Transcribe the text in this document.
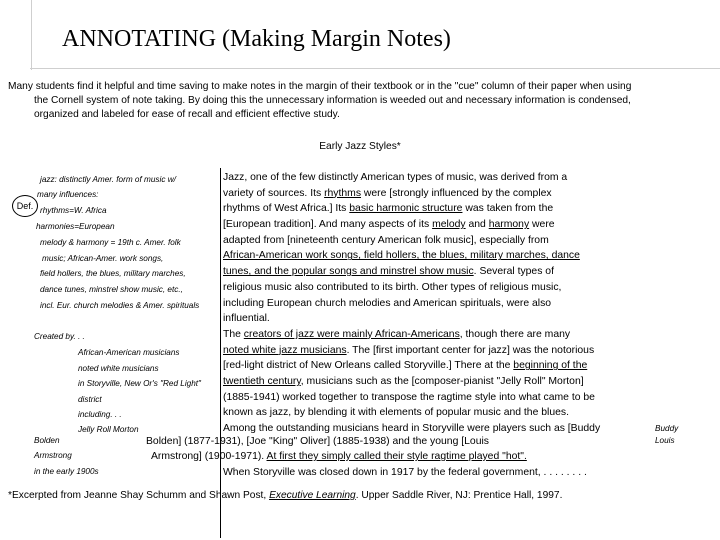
ANNOTATING (Making Margin Notes)

Many students find it helpful and time saving to make notes in the margin of their textbook or in the "cue" column of their paper when using

the Cornell system of note taking. By doing this the unnecessary information is weeded out and necessary information is condensed,

organized and labeled for ease of recall and efficient effective study.

Early Jazz Styles*
Def.
jazz: distinctly Amer. form of music w/
many influences:
rhythms=W. Africa
harmonies=European
melody & harmony = 19th c. Amer. folk
music; African-Amer. work songs,
field hollers, the blues, military marches,
dance tunes, minstrel show music, etc.,
incl. Eur. church melodies & Amer. spirituals
Created by. . .
African-American musicians
noted white musicians
in Storyville, New Or's "Red Light"
district
including. . .
Jelly Roll Morton
Bolden
Armstrong
in the early 1900s
Buddy
Louis
Jazz, one of the few distinctly American types of music, was derived from a
variety of sources. Its rhythms were [strongly influenced by the complex
rhythms of West Africa.] Its basic harmonic structure was taken from the
[European tradition]. And many aspects of its melody and harmony were
adapted from [nineteenth century American folk music], especially from
African-American work songs, field hollers, the blues, military marches, dance
tunes, and the popular songs and minstrel show music. Several types of
religious music also contributed to its birth. Other types of religious music,
including European church melodies and American spirituals, were also
influential.
The creators of jazz were mainly African-Americans, though there are many
noted white jazz musicians. The [first important center for jazz] was the notorious
[red-light district of New Orleans called Storyville.] There at the beginning of the
twentieth century, musicians such as the [composer-pianist "Jelly Roll" Morton]
(1885-1941) worked together to transpose the ragtime style into what came to be
known as jazz, by blending it with elements of popular music and the blues.
Among the outstanding musicians heard in Storyville were players such as [Buddy
Bolden] (1877-1931), [Joe "King" Oliver] (1885-1938) and the young [Louis
Armstrong] (1900-1971). At first they simply called their style ragtime played "hot".
When Storyville was closed down in 1917 by the federal government, . . . . . . . .
*Excerpted from Jeanne Shay Schumm and Shawn Post, Executive Learning. Upper Saddle River, NJ: Prentice Hall, 1997.
